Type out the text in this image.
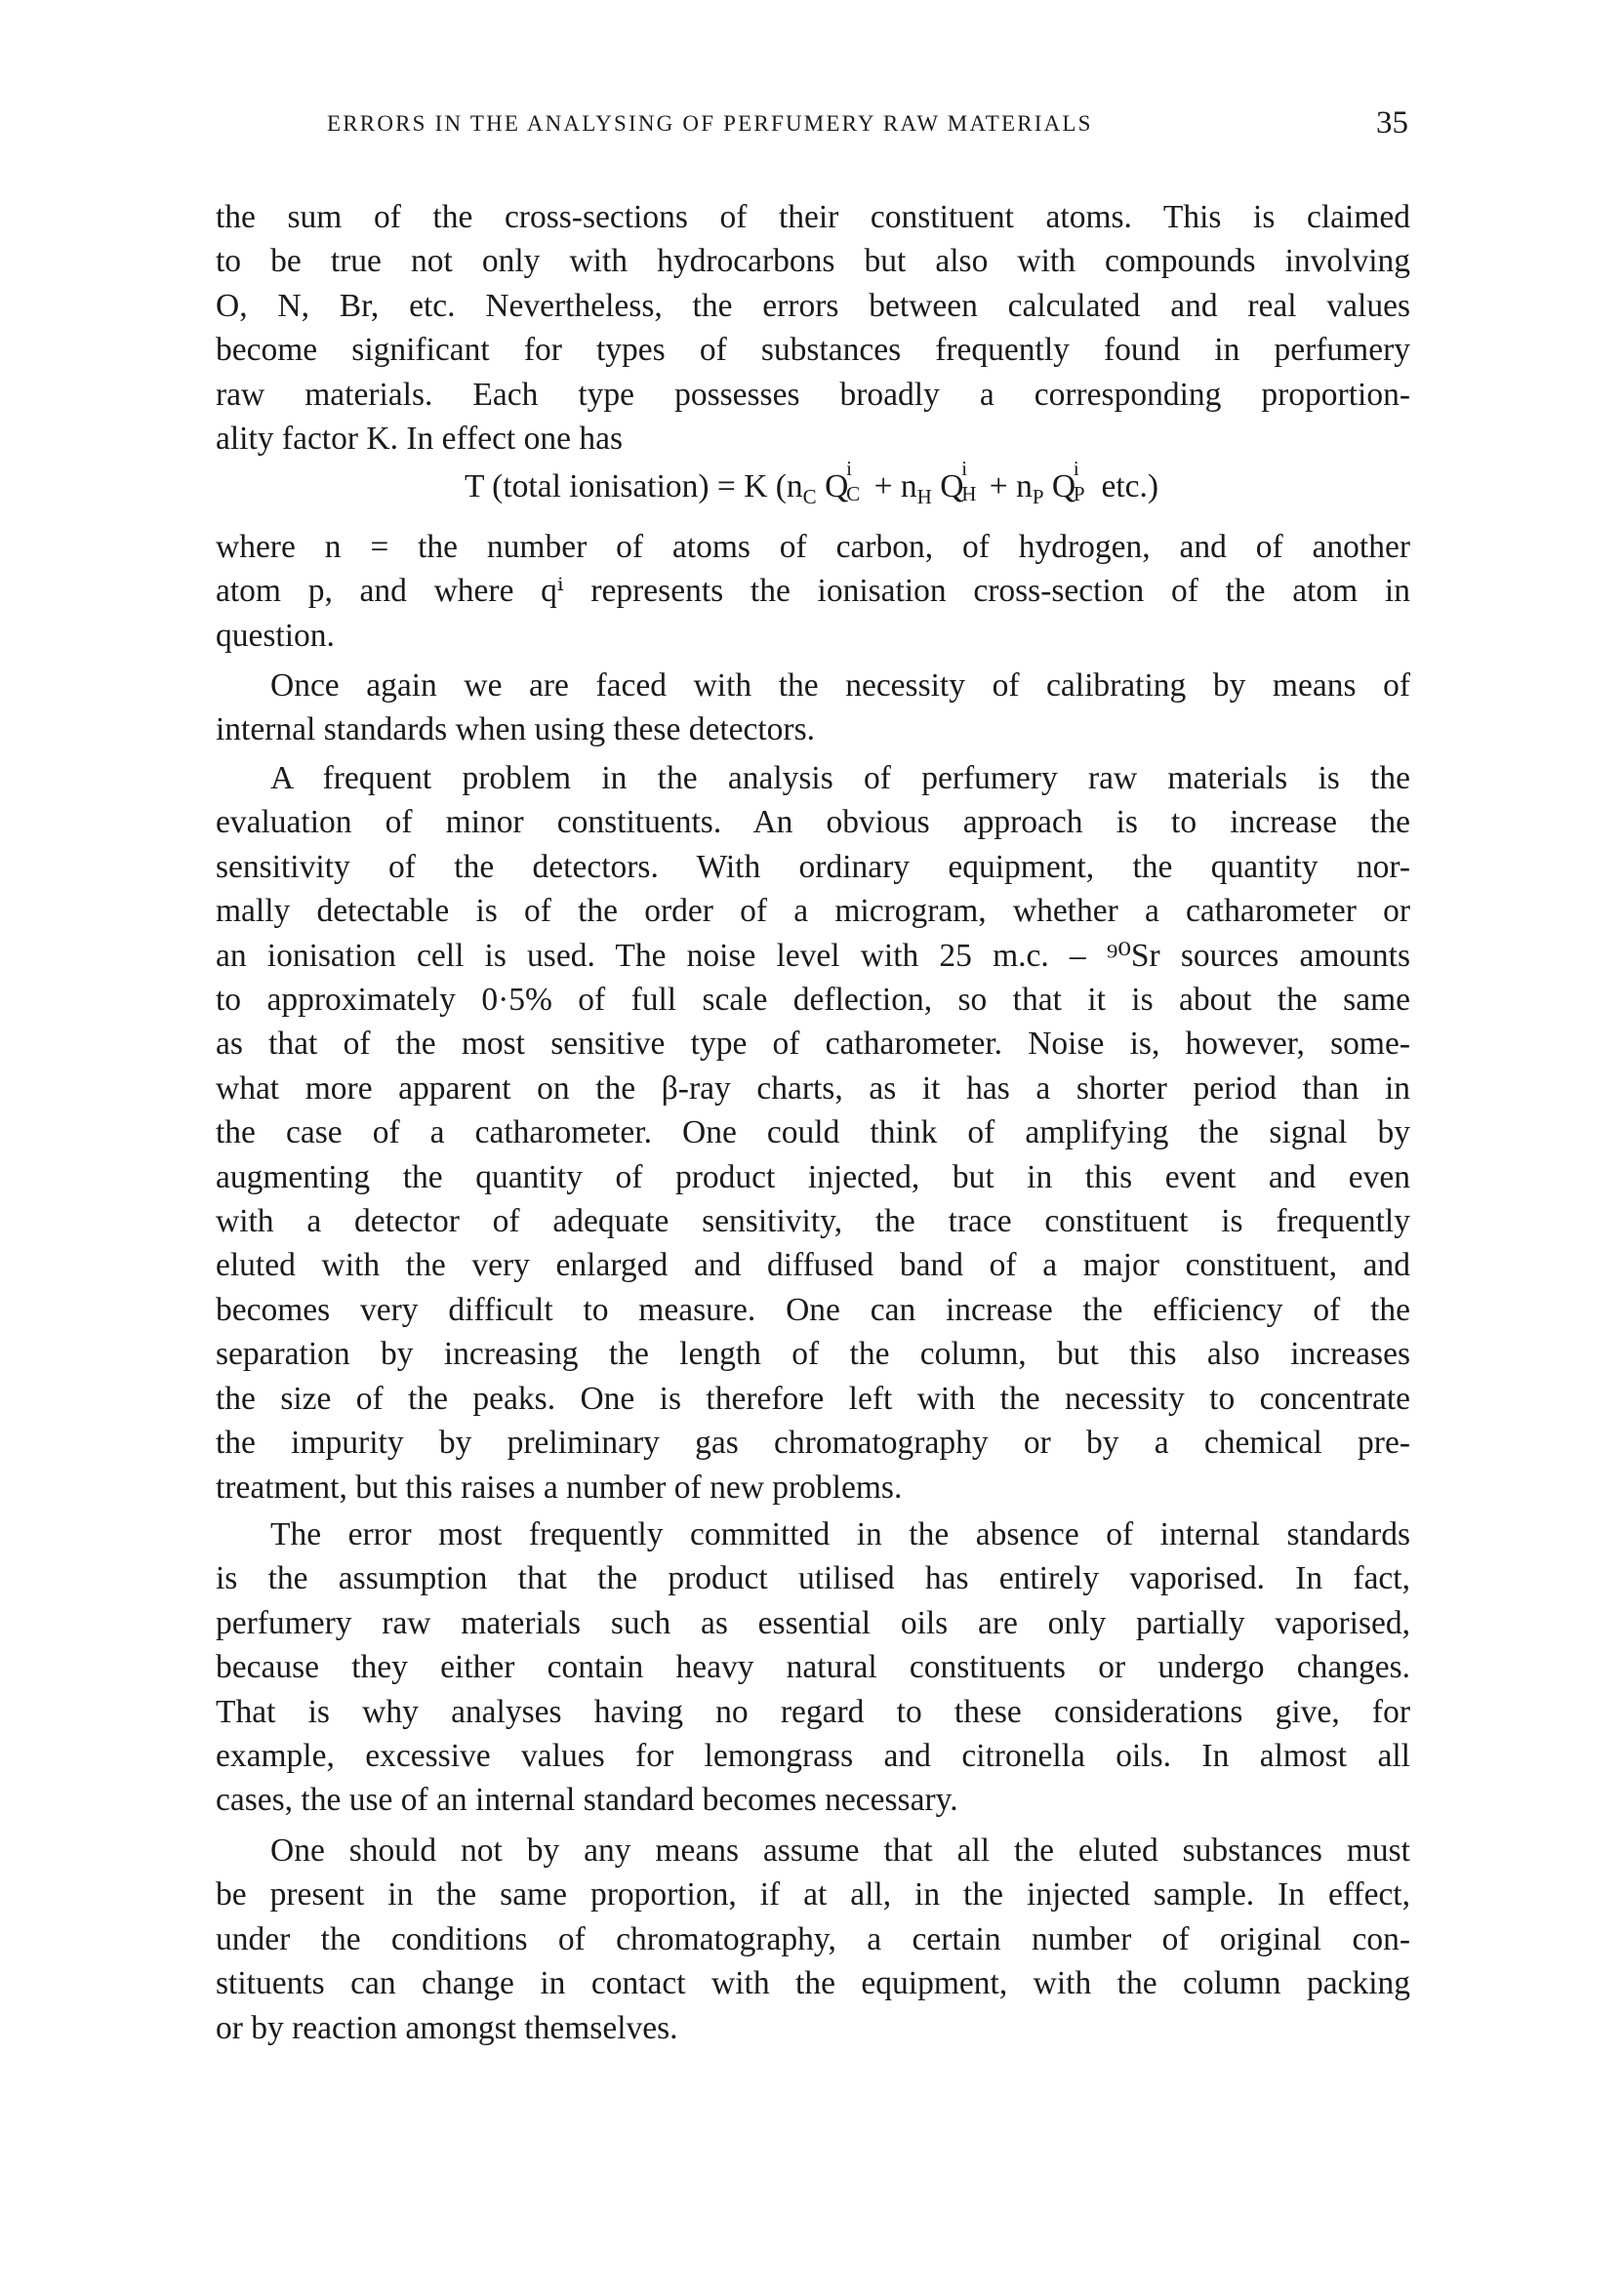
ERRORS IN THE ANALYSING OF PERFUMERY RAW MATERIALS	35
the sum of the cross-sections of their constituent atoms. This is claimed
to be true not only with hydrocarbons but also with compounds involving
O, N, Br, etc. Nevertheless, the errors between calculated and real values
become significant for types of substances frequently found in perfumery
raw materials. Each type possesses broadly a corresponding proportion-
ality factor K. In effect one has
where n = the number of atoms of carbon, of hydrogen, and of another
atom p, and where qⁱ represents the ionisation cross-section of the atom in
question.
Once again we are faced with the necessity of calibrating by means of
internal standards when using these detectors.
A frequent problem in the analysis of perfumery raw materials is the
evaluation of minor constituents. An obvious approach is to increase the
sensitivity of the detectors. With ordinary equipment, the quantity nor-
mally detectable is of the order of a microgram, whether a catharometer or
an ionisation cell is used. The noise level with 25 m.c. – ⁹⁰Sr sources amounts
to approximately 0·5% of full scale deflection, so that it is about the same
as that of the most sensitive type of catharometer. Noise is, however, some-
what more apparent on the β-ray charts, as it has a shorter period than in
the case of a catharometer. One could think of amplifying the signal by
augmenting the quantity of product injected, but in this event and even
with a detector of adequate sensitivity, the trace constituent is frequently
eluted with the very enlarged and diffused band of a major constituent, and
becomes very difficult to measure. One can increase the efficiency of the
separation by increasing the length of the column, but this also increases
the size of the peaks. One is therefore left with the necessity to concentrate
the impurity by preliminary gas chromatography or by a chemical pre-
treatment, but this raises a number of new problems.
The error most frequently committed in the absence of internal standards
is the assumption that the product utilised has entirely vaporised. In fact,
perfumery raw materials such as essential oils are only partially vaporised,
because they either contain heavy natural constituents or undergo changes.
That is why analyses having no regard to these considerations give, for
example, excessive values for lemongrass and citronella oils. In almost all
cases, the use of an internal standard becomes necessary.
One should not by any means assume that all the eluted substances must
be present in the same proportion, if at all, in the injected sample. In effect,
under the conditions of chromatography, a certain number of original con-
stituents can change in contact with the equipment, with the column packing
or by reaction amongst themselves.
T (total ionisation) = K ($n_C$ Q
i
$C + n_H$ Q
i
$H + n_P$ Q
i
P etc.)
